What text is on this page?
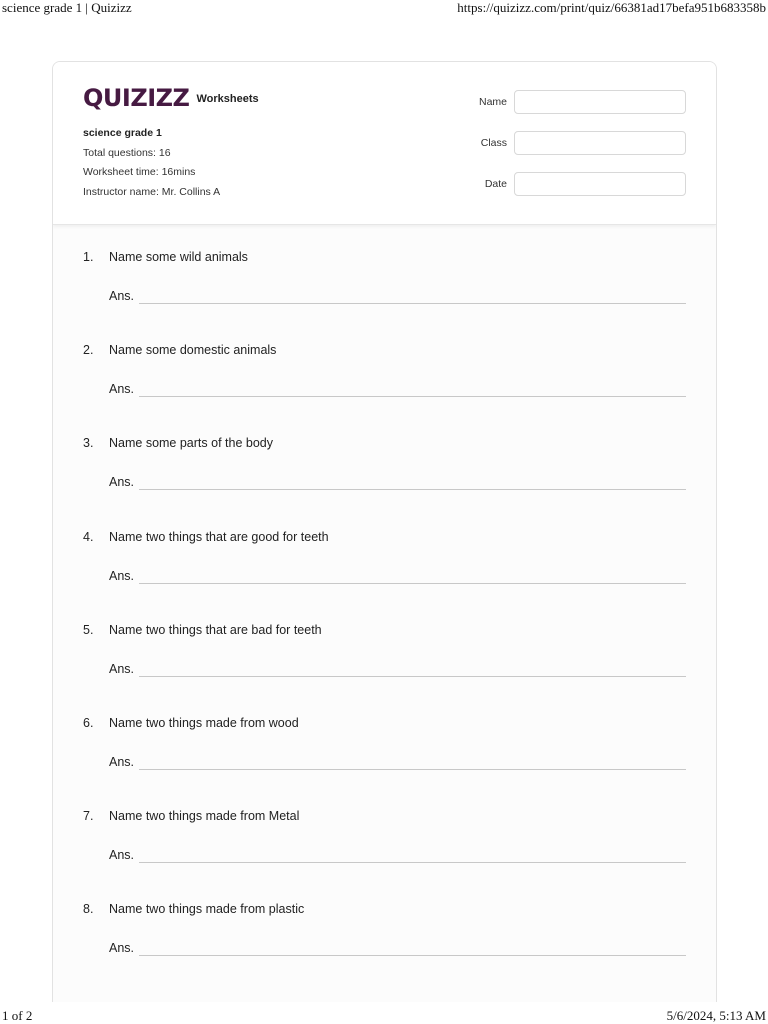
science grade 1 | Quizizz	https://quizizz.com/print/quiz/66381ad17befa951b683358b
QUIZIZZ Worksheets
science grade 1
Total questions: 16
Worksheet time: 16mins
Instructor name: Mr. Collins A
Name
Class
Date
1. Name some wild animals
Ans.
2. Name some domestic animals
Ans.
3. Name some parts of the body
Ans.
4. Name two things that are good for teeth
Ans.
5. Name two things that are bad for teeth
Ans.
6. Name two things made from wood
Ans.
7. Name two things made from Metal
Ans.
8. Name two things made from plastic
Ans.
1 of 2	5/6/2024, 5:13 AM
